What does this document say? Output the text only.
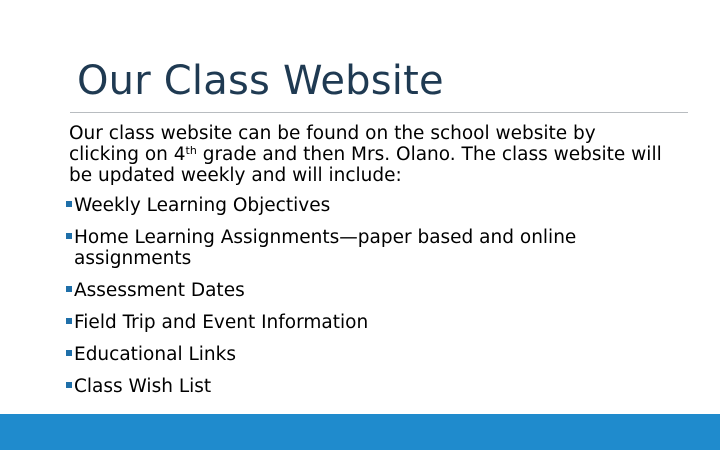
Our Class Website

Our class website can be found on the school website by clicking on 4th grade and then Mrs. Olano. The class website will be updated weekly and will include:

Weekly Learning Objectives
Home Learning Assignments—paper based and online assignments
Assessment Dates
Field Trip and Event Information
Educational Links
Class Wish List
